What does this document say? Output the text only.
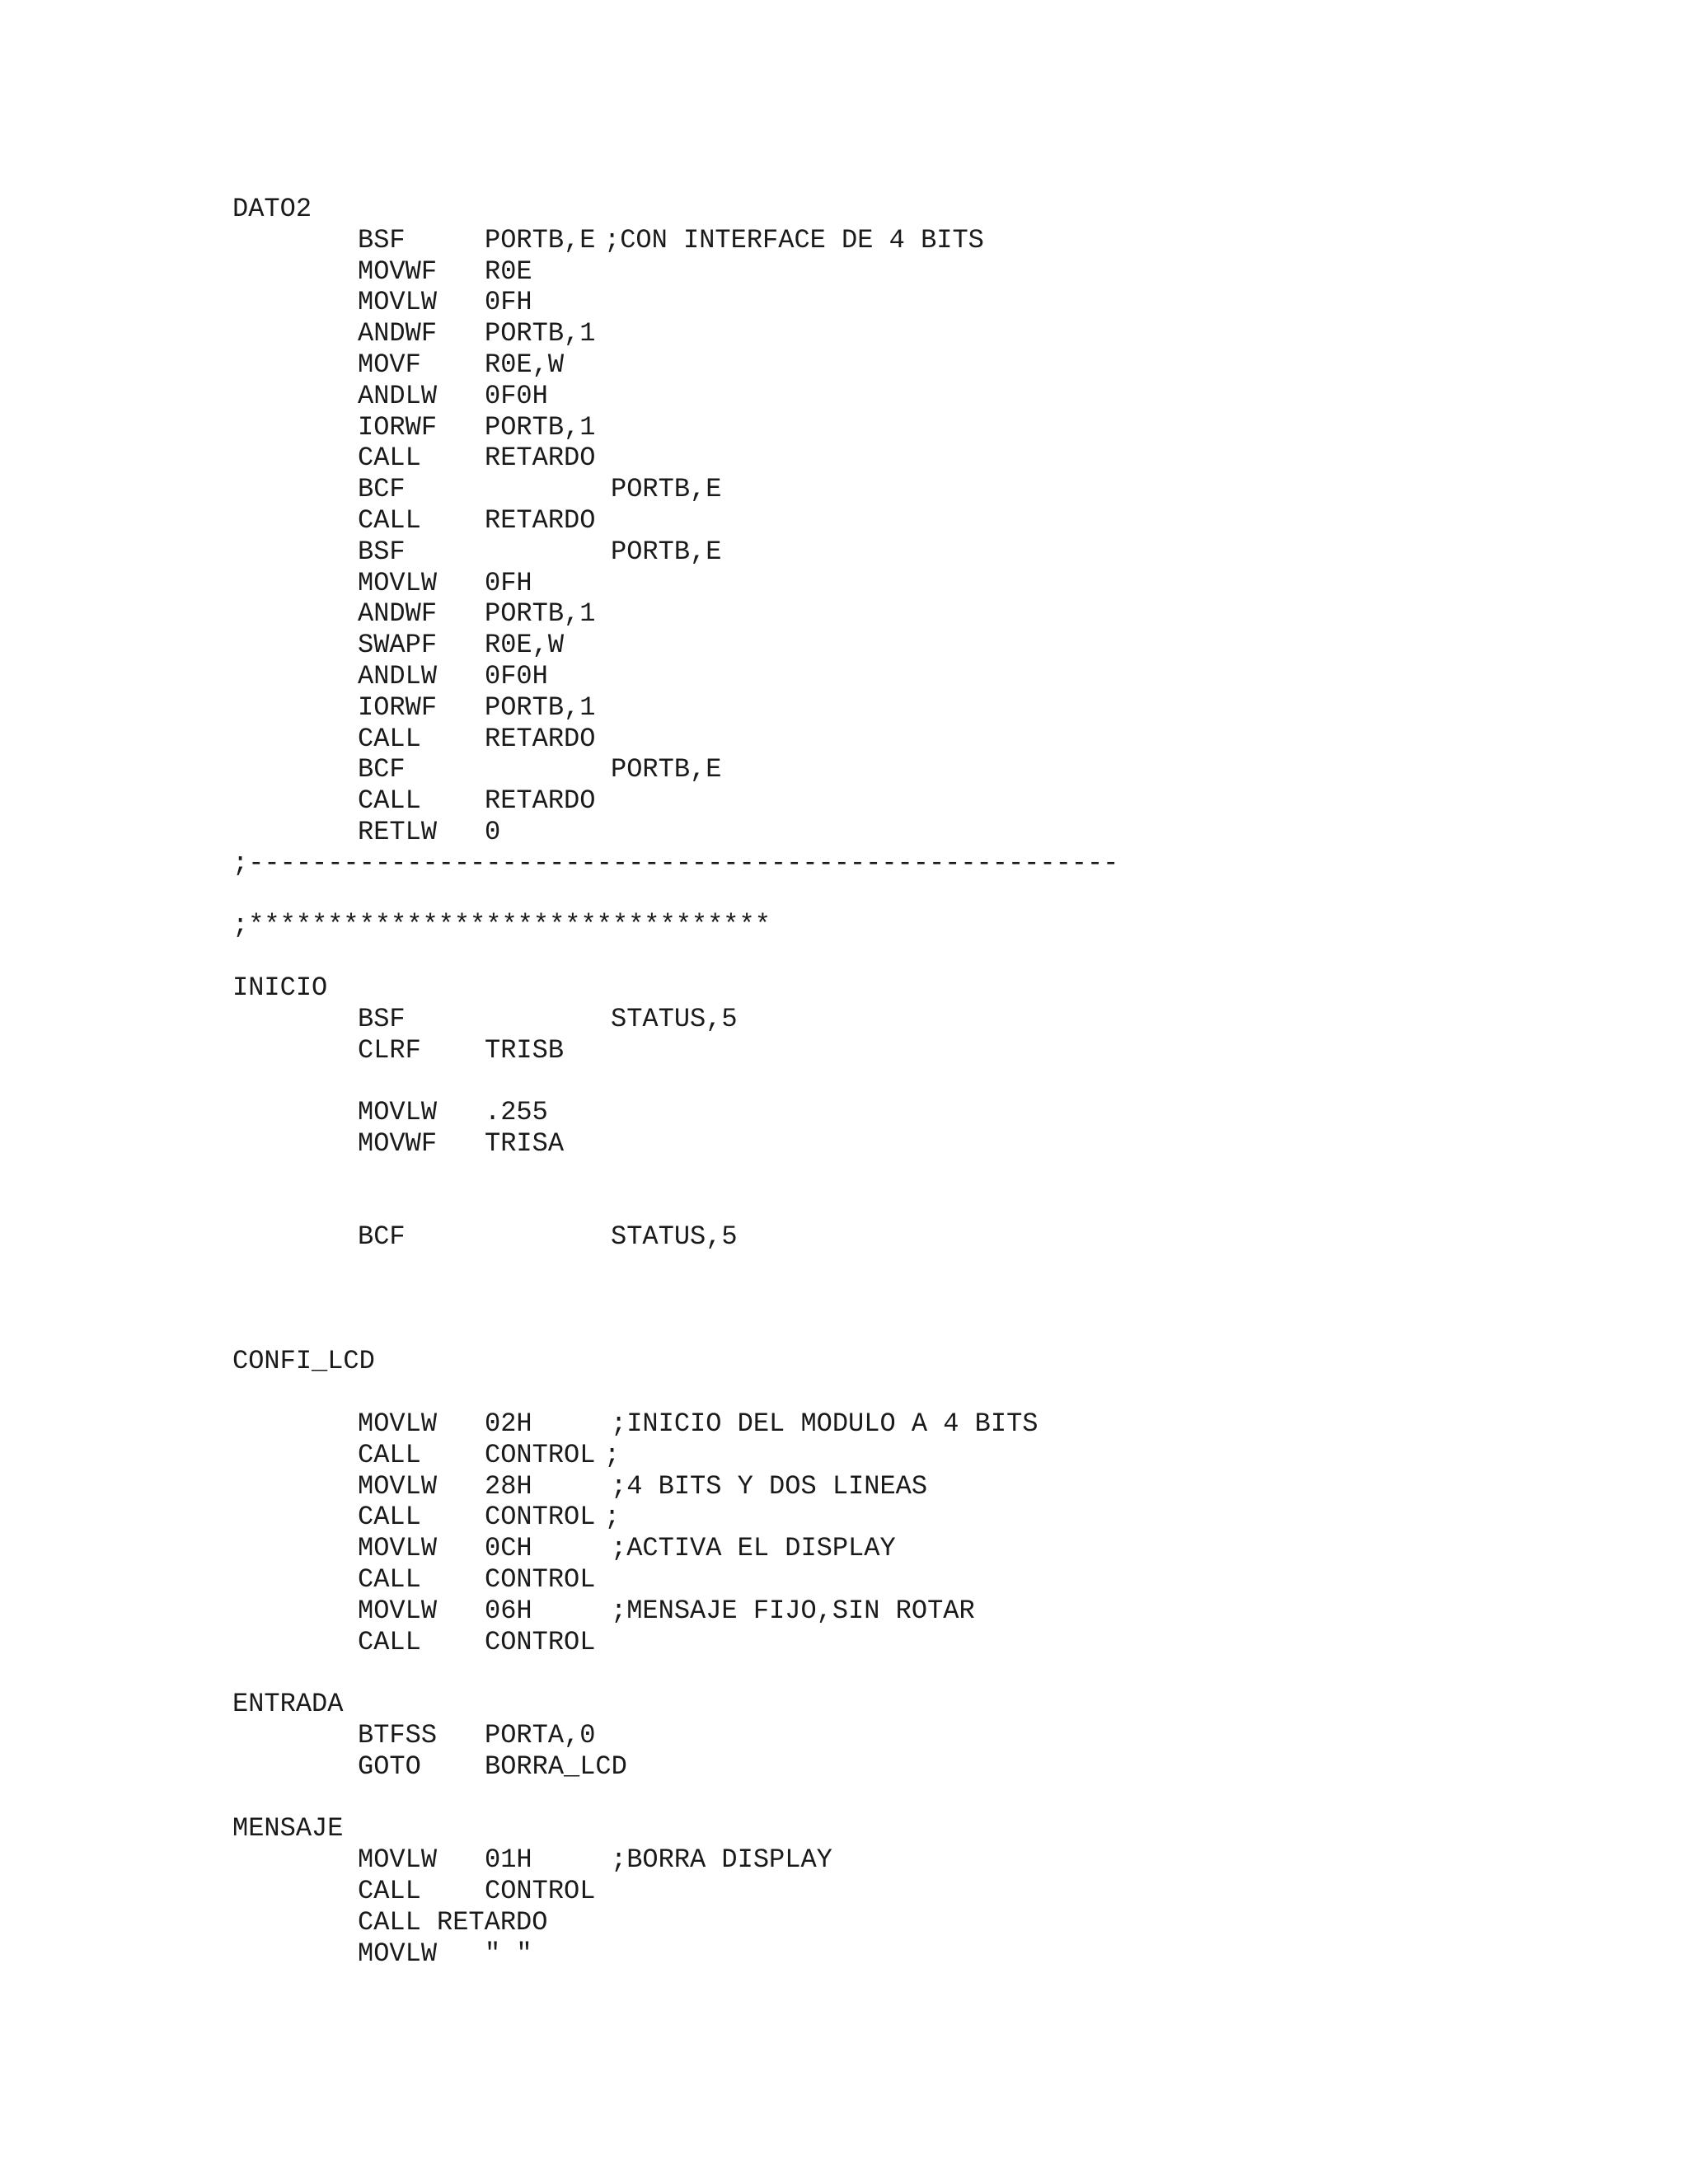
DATO2
BSF	PORTB,E ;CON INTERFACE DE 4 BITS
MOVWF R0E
MOVLW 0FH
ANDWF PORTB,1
MOVF R0E,W
ANDLW 0F0H
IORWF PORTB,1
CALL RETARDO
BCF	PORTB,E
CALL RETARDO
BSF	PORTB,E
MOVLW 0FH
ANDWF PORTB,1
SWAPF R0E,W
ANDLW 0F0H
IORWF PORTB,1
CALL RETARDO
BCF	PORTB,E
CALL RETARDO
RETLW 0
;-------------------------------------------------------
;*********************************
INICIO
BSF	STATUS,5
CLRF TRISB
MOVLW .255
MOVWF TRISA
BCF	STATUS,5
CONFI_LCD
MOVLW 02H	;INICIO DEL MODULO A 4 BITS
CALL CONTROL ;
MOVLW 28H	;4 BITS Y DOS LINEAS
CALL CONTROL ;
MOVLW 0CH	;ACTIVA EL DISPLAY
CALL CONTROL
MOVLW 06H	;MENSAJE FIJO,SIN ROTAR
CALL CONTROL
ENTRADA
BTFSS PORTA,0
GOTO BORRA_LCD
MENSAJE
MOVLW 01H	;BORRA DISPLAY
CALL CONTROL
CALL RETARDO
MOVLW " "
